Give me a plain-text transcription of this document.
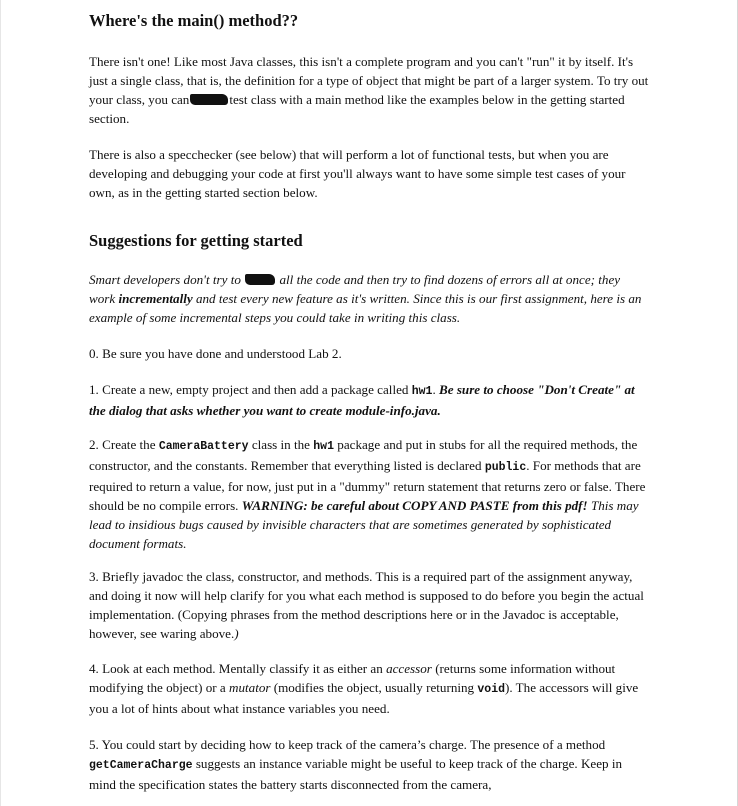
Where's the main() method??

There isn't one! Like most Java classes, this isn't a complete program and you can't "run" it by itself. It's just a single class, that is, the definition for a type of object that might be part of a larger system. To try out your class, you can	test class with a main method like the examples below in the getting started section.

There is also a specchecker (see below) that will perform a lot of functional tests, but when you are developing and debugging your code at first you'll always want to have some simple test cases of your own, as in the getting started section below.

Suggestions for getting started

Smart developers don't try to	all the code and then try to find dozens of errors all at once; they work incrementally and test every new feature as it's written. Since this is our first assignment, here is an example of some incremental steps you could take in writing this class.

0. Be sure you have done and understood Lab 2.

1. Create a new, empty project and then add a package called hw1. Be sure to choose "Don't Create" at the dialog that asks whether you want to create module-info.java.

2. Create the CameraBattery class in the hw1 package and put in stubs for all the required methods, the constructor, and the constants. Remember that everything listed is declared public. For methods that are required to return a value, for now, just put in a "dummy" return statement that returns zero or false. There should be no compile errors. WARNING: be careful about COPY AND PASTE from this pdf! This may lead to insidious bugs caused by invisible characters that are sometimes generated by sophisticated document formats.

3. Briefly javadoc the class, constructor, and methods. This is a required part of the assignment anyway, and doing it now will help clarify for you what each method is supposed to do before you begin the actual implementation. (Copying phrases from the method descriptions here or in the Javadoc is acceptable, however, see waring above.)

4. Look at each method. Mentally classify it as either an accessor (returns some information without modifying the object) or a mutator (modifies the object, usually returning void). The accessors will give you a lot of hints about what instance variables you need.

5. You could start by deciding how to keep track of the camera’s charge. The presence of a method getCameraCharge suggests an instance variable might be useful to keep track of the charge. Keep in mind the specification states the battery starts disconnected from the camera,
